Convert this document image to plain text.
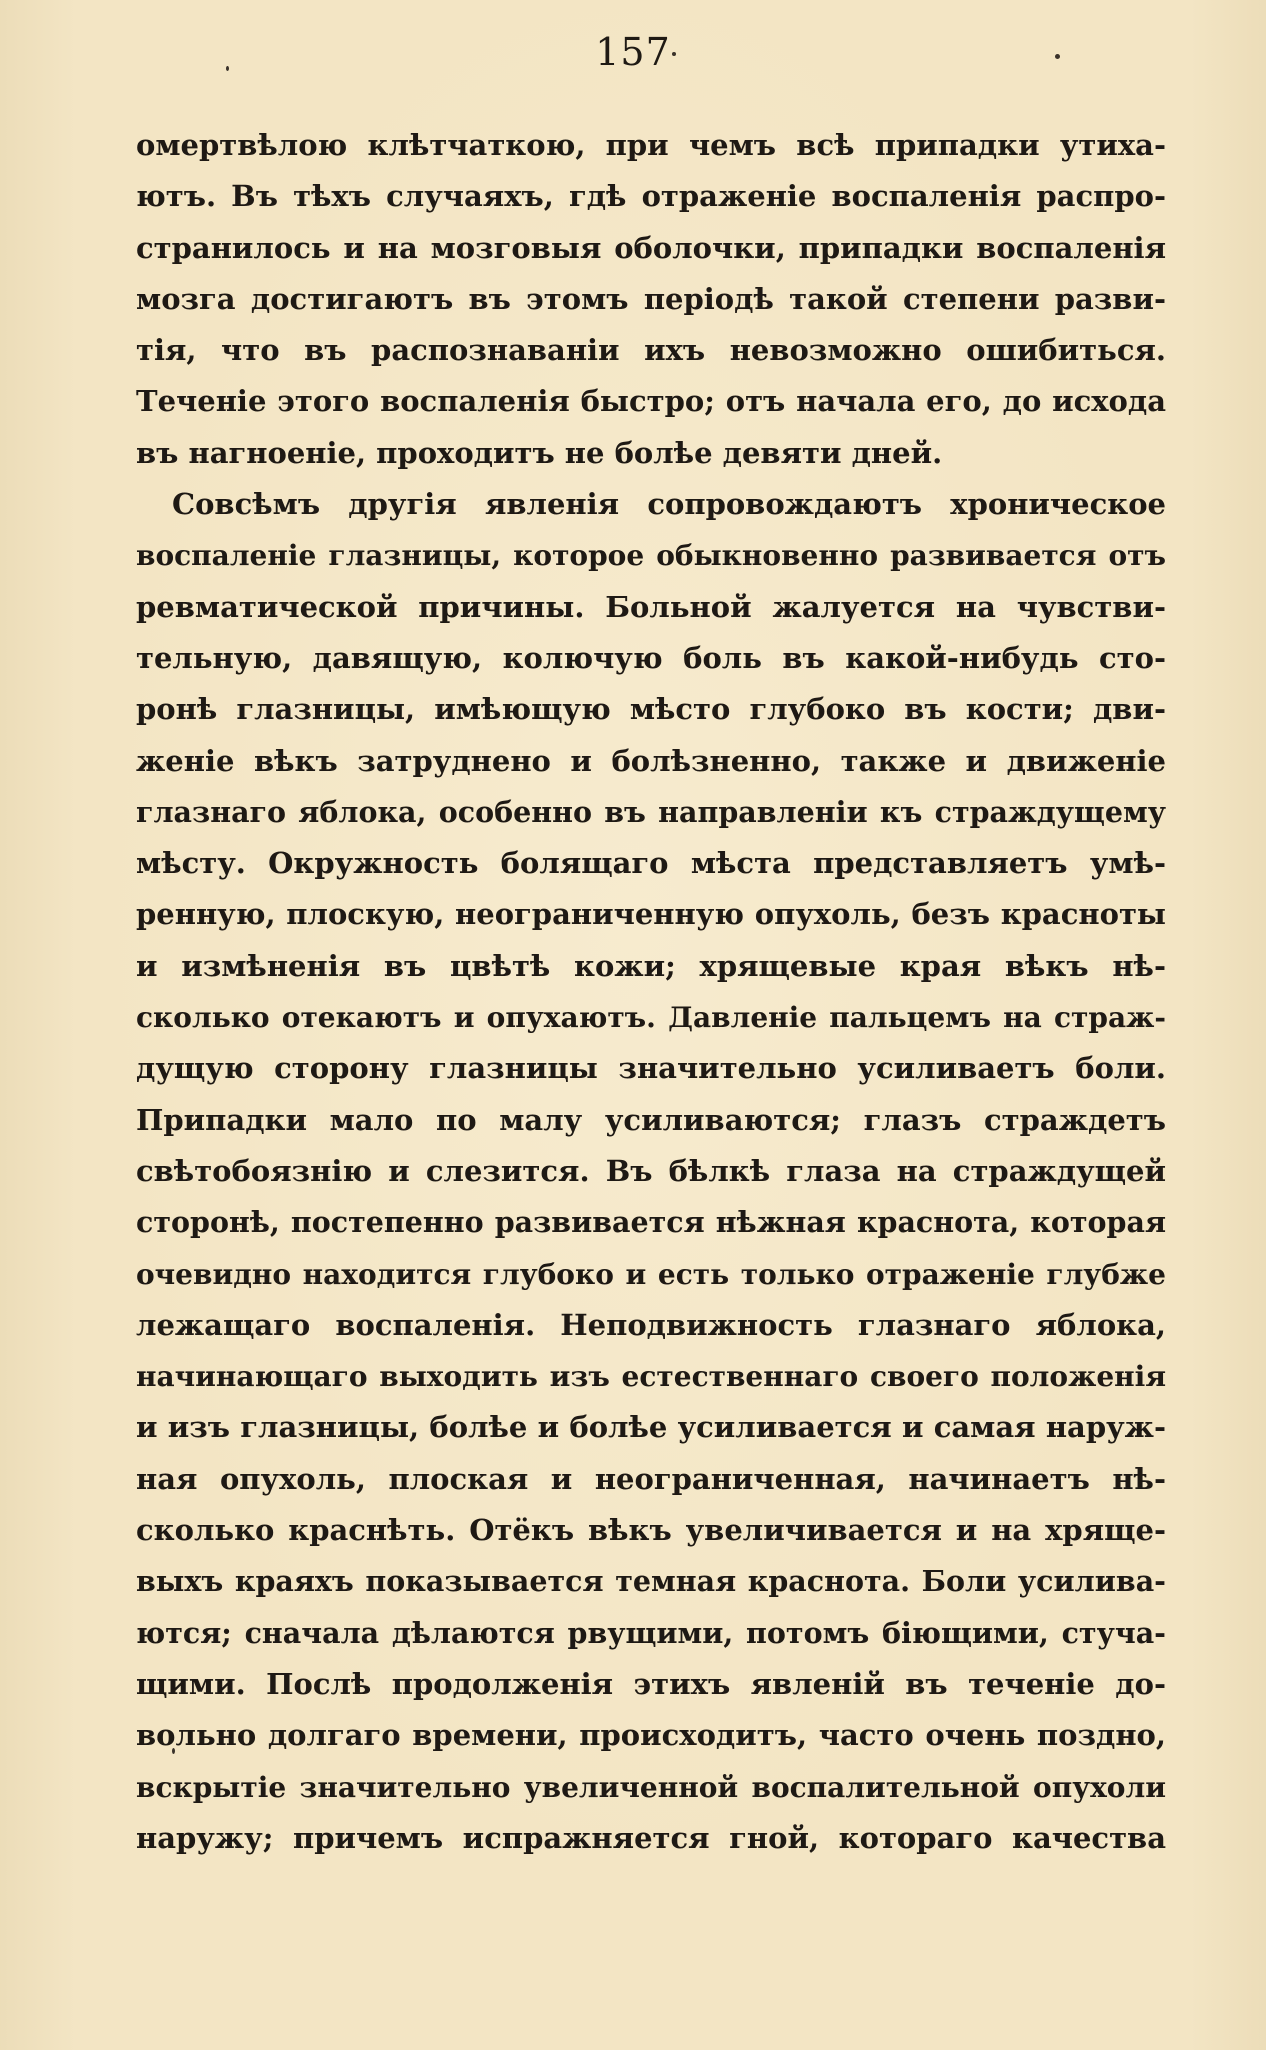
157
омертвѣлою клѣтчаткою, при чемъ всѣ припадки утиха-
ютъ. Въ тѣхъ случаяхъ, гдѣ отраженіе воспаленія распро-
странилось и на мозговыя оболочки, припадки воспаленія
мозга достигаютъ въ этомъ періодѣ такой степени разви-
тія, что въ распознаваніи ихъ невозможно ошибиться.
Теченіе этого воспаленія быстро; отъ начала его, до исхода
въ нагноеніе, проходитъ не болѣе девяти дней.
Совсѣмъ другія явленія сопровождаютъ хроническое
воспаленіе глазницы, которое обыкновенно развивается отъ
ревматической причины. Больной жалуется на чувстви-
тельную, давящую, колючую боль въ какой-нибудь сто-
ронѣ глазницы, имѣющую мѣсто глубоко въ кости; дви-
женіе вѣкъ затруднено и болѣзненно, также и движеніе
глазнаго яблока, особенно въ направленіи къ страждущему
мѣсту. Окружность болящаго мѣста представляетъ умѣ-
ренную, плоскую, неограниченную опухоль, безъ красноты
и измѣненія въ цвѣтѣ кожи; хрящевые края вѣкъ нѣ-
сколько отекаютъ и опухаютъ. Давленіе пальцемъ на страж-
дущую сторону глазницы значительно усиливаетъ боли.
Припадки мало по малу усиливаются; глазъ страждетъ
свѣтобоязнію и слезится. Въ бѣлкѣ глаза на страждущей
сторонѣ, постепенно развивается нѣжная краснота, которая
очевидно находится глубоко и есть только отраженіе глубже
лежащаго воспаленія. Неподвижность глазнаго яблока,
начинающаго выходить изъ естественнаго своего положенія
и изъ глазницы, болѣе и болѣе усиливается и самая наруж-
ная опухоль, плоская и неограниченная, начинаетъ нѣ-
сколько краснѣть. Отёкъ вѣкъ увеличивается и на хряще-
выхъ краяхъ показывается темная краснота. Боли усилива-
ются; сначала дѣлаются рвущими, потомъ біющими, стуча-
щими. Послѣ продолженія этихъ явленій въ теченіе до-
вольно долгаго времени, происходитъ, часто очень поздно,
вскрытіе значительно увеличенной воспалительной опухоли
наружу; причемъ испражняется гной, котораго качества
